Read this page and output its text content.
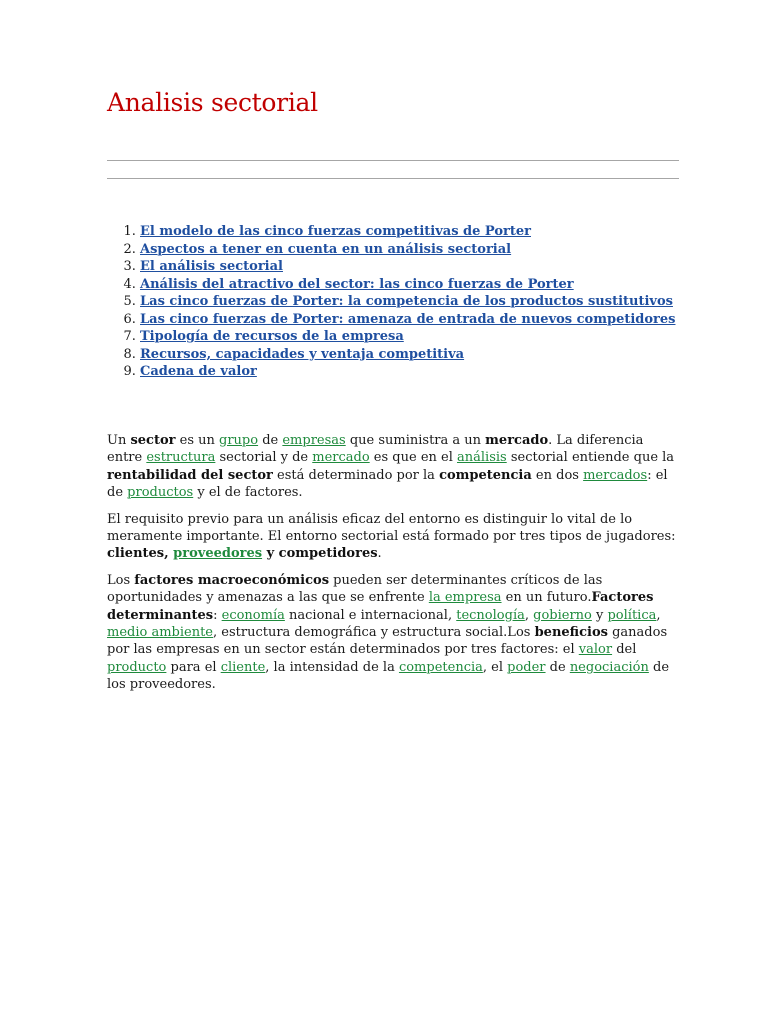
Analisis sectorial
1. El modelo de las cinco fuerzas competitivas de Porter
2. Aspectos a tener en cuenta en un análisis sectorial
3. El análisis sectorial
4. Análisis del atractivo del sector: las cinco fuerzas de Porter
5. Las cinco fuerzas de Porter: la competencia de los productos sustitutivos
6. Las cinco fuerzas de Porter: amenaza de entrada de nuevos competidores
7. Tipología de recursos de la empresa
8. Recursos, capacidades y ventaja competitiva
9. Cadena de valor

Un sector es un grupo de empresas que suministra a un mercado. La diferencia entre estructura sectorial y de mercado es que en el análisis sectorial entiende que la rentabilidad del sector está determinado por la competencia en dos mercados: el de productos y el de factores.

El requisito previo para un análisis eficaz del entorno es distinguir lo vital de lo meramente importante. El entorno sectorial está formado por tres tipos de jugadores: clientes, proveedores y competidores.

Los factores macroeconómicos pueden ser determinantes críticos de las oportunidades y amenazas a las que se enfrente la empresa en un futuro.Factores determinantes: economía nacional e internacional, tecnología, gobierno y política, medio ambiente, estructura demográfica y estructura social.Los beneficios ganados por las empresas en un sector están determinados por tres factores: el valor del producto para el cliente, la intensidad de la competencia, el poder de negociación de los proveedores.
